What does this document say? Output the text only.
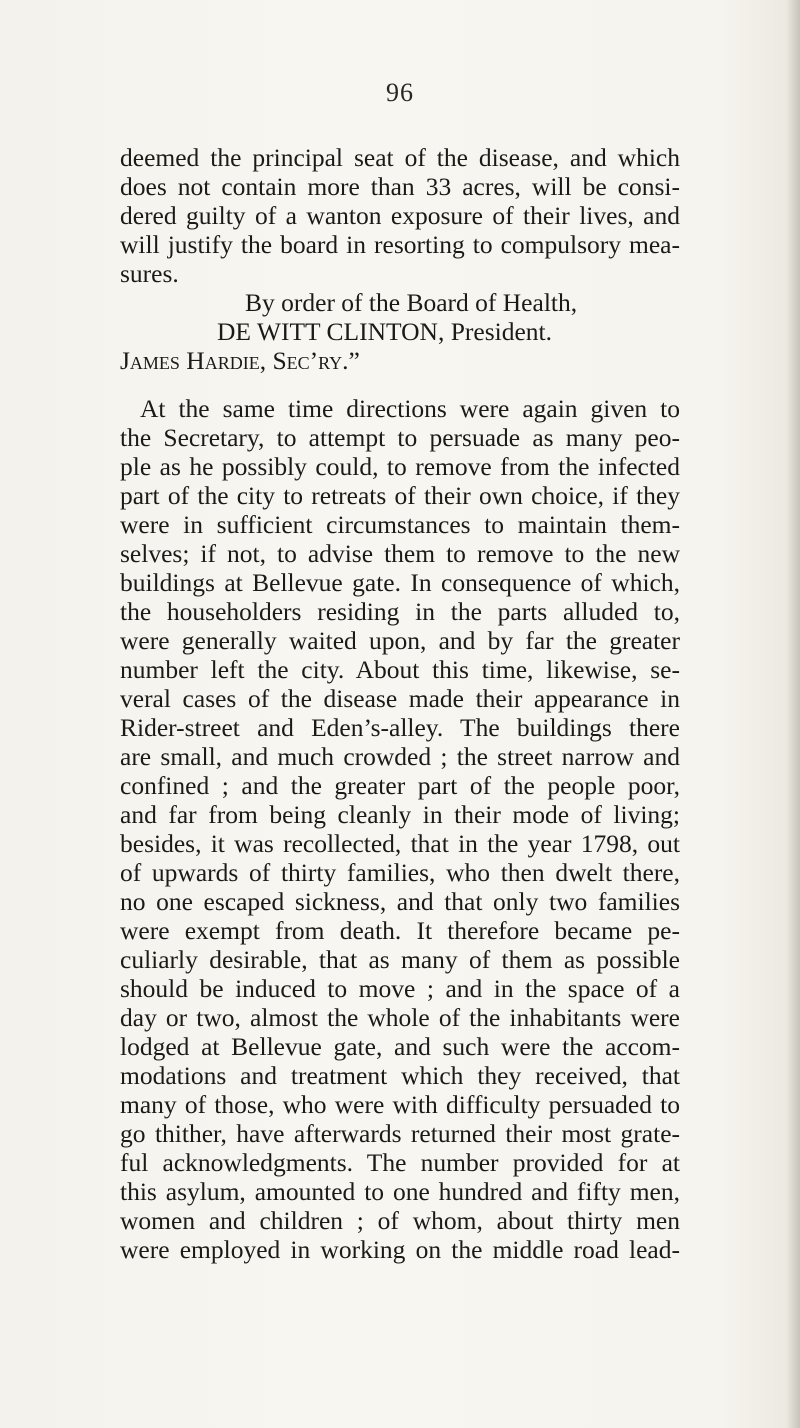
96
deemed the principal seat of the disease, and which
does not contain more than 33 acres, will be consi-
dered guilty of a wanton exposure of their lives, and
will justify the board in resorting to compulsory mea-
sures.
By order of the Board of Health,
DE WITT CLINTON, President.
James Hardie, Sec’ry.”
At the same time directions were again given to
the Secretary, to attempt to persuade as many peo-
ple as he possibly could, to remove from the infected
part of the city to retreats of their own choice, if they
were in sufficient circumstances to maintain them-
selves; if not, to advise them to remove to the new
buildings at Bellevue gate. In consequence of which,
the householders residing in the parts alluded to,
were generally waited upon, and by far the greater
number left the city. About this time, likewise, se-
veral cases of the disease made their appearance in
Rider-street and Eden’s-alley. The buildings there
are small, and much crowded ; the street narrow and
confined ; and the greater part of the people poor,
and far from being cleanly in their mode of living;
besides, it was recollected, that in the year 1798, out
of upwards of thirty families, who then dwelt there,
no one escaped sickness, and that only two families
were exempt from death. It therefore became pe-
culiarly desirable, that as many of them as possible
should be induced to move ; and in the space of a
day or two, almost the whole of the inhabitants were
lodged at Bellevue gate, and such were the accom-
modations and treatment which they received, that
many of those, who were with difficulty persuaded to
go thither, have afterwards returned their most grate-
ful acknowledgments. The number provided for at
this asylum, amounted to one hundred and fifty men,
women and children ; of whom, about thirty men
were employed in working on the middle road lead-
